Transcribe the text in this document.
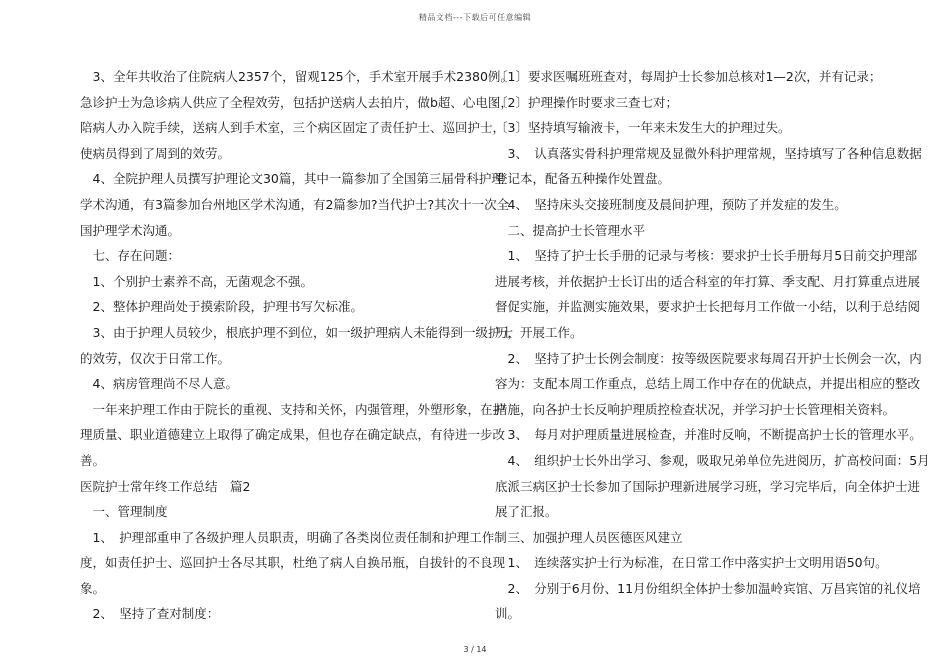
精品文档---下载后可任意编辑
　3、全年共收治了住院病人2357个，留观125个，手术室开展手术2380例。
急诊护士为急诊病人供应了全程效劳，包括护送病人去拍片，做b超、心电图，
陪病人办入院手续，送病人到手术室，三个病区固定了责任护士、巡回护士，
使病员得到了周到的效劳。
　4、全院护理人员撰写护理论文30篇，其中一篇参加了全国第三届骨科护理
学术沟通，有3篇参加台州地区学术沟通，有2篇参加?当代护士?其次十一次全
国护理学术沟通。
　七、存在问题：
　1、个别护士素养不高，无菌观念不强。
　2、整体护理尚处于摸索阶段，护理书写欠标准。
　3、由于护理人员较少，根底护理不到位，如一级护理病人未能得到一级护士
的效劳，仅次于日常工作。
　4、病房管理尚不尽人意。
　一年来护理工作由于院长的重视、支持和关怀，内强管理，外塑形象，在护
理质量、职业道德建立上取得了确定成果，但也存在确定缺点，有待进一步改
善。
医院护士常年终工作总结　篇2
　一、管理制度
　1、　护理部重申了各级护理人员职责，明确了各类岗位责任制和护理工作制
度，如责任护士、巡回护士各尽其职，杜绝了病人自换吊瓶，自拔针的不良现
象。
　2、　坚持了查对制度：
〔1〕要求医嘱班班查对，每周护士长参加总核对1—2次，并有记录；
〔2〕护理操作时要求三查七对；
〔3〕坚持填写输液卡，一年来未发生大的护理过失。
　3、　认真落实骨科护理常规及显微外科护理常规，坚持填写了各种信息数据
登记本，配备五种操作处置盘。
　4、　坚持床头交接班制度及晨间护理，预防了并发症的发生。
　二、提高护士长管理水平
　1、　坚持了护士长手册的记录与考核：要求护士长手册每月5日前交护理部
进展考核，并依据护士长订出的适合科室的年打算、季支配、月打算重点进展
督促实施，并监测实施效果，要求护士长把每月工作做一小结，以利于总结阅
历，开展工作。
　2、　坚持了护士长例会制度：按等级医院要求每周召开护士长例会一次，内
容为：支配本周工作重点，总结上周工作中存在的优缺点，并提出相应的整改
措施，向各护士长反响护理质控检查状况，并学习护士长管理相关资料。
　3、　每月对护理质量进展检查，并准时反响，不断提高护士长的管理水平。
　4、　组织护士长外出学习、参观，吸取兄弟单位先进阅历，扩高校问面：5月
底派三病区护士长参加了国际护理新进展学习班，学习完毕后，向全体护士进
展了汇报。
　三、加强护理人员医德医风建立
　1、　连续落实护士行为标准，在日常工作中落实护士文明用语50句。
　2、　分别于6月份、11月份组织全体护士参加温岭宾馆、万昌宾馆的礼仪培
训。
3 / 14
